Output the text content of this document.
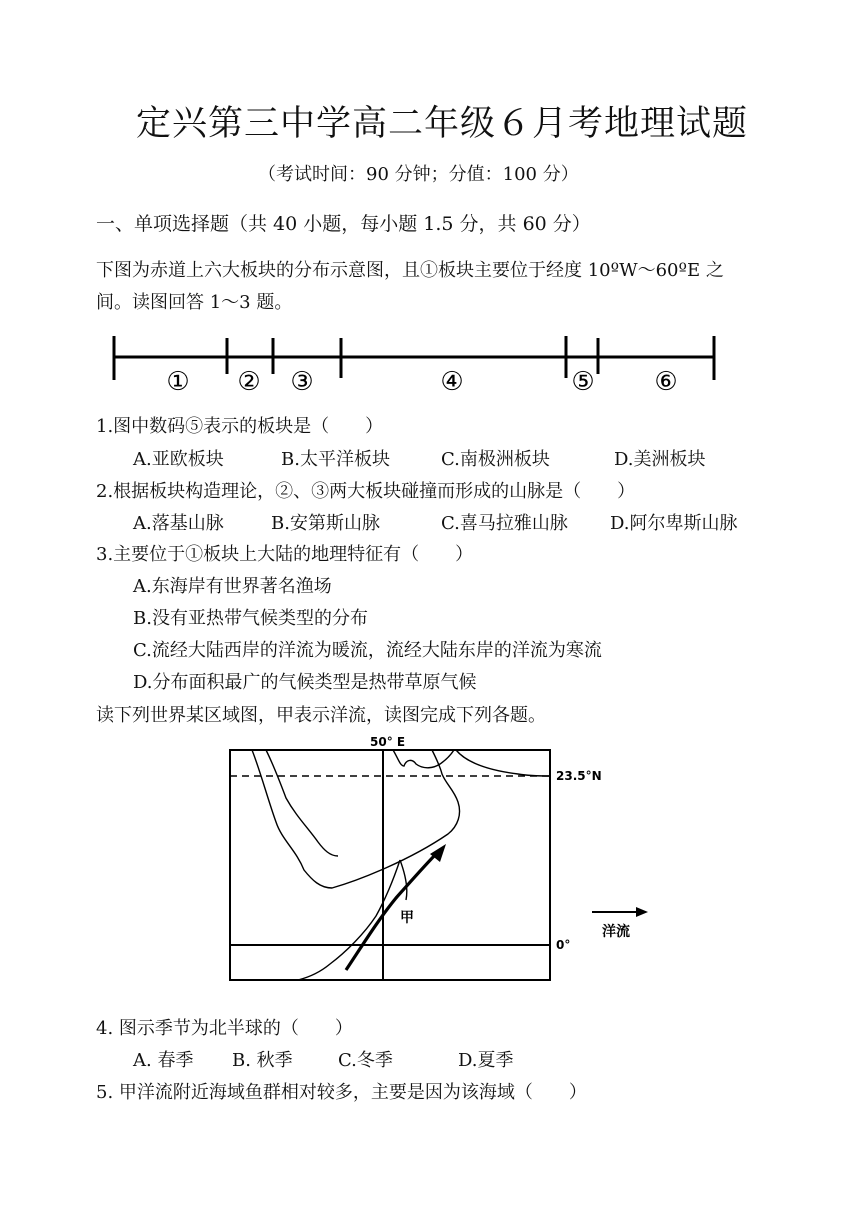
定兴第三中学高二年级６月考地理试题
（考试时间：90 分钟；分值：100 分）
一、单项选择题（共 40 小题，每小题 1.5 分，共 60 分）
下图为赤道上六大板块的分布示意图，且①板块主要位于经度 10ºW～60ºE 之
间。读图回答 1～3 题。
① ② ③	④	⑤ ⑥
1.图中数码⑤表示的板块是（　　）
A.亚欧板块	B.太平洋板块	C.南极洲板块	D.美洲板块
2.根据板块构造理论，②、③两大板块碰撞而形成的山脉是（　　）
A.落基山脉	B.安第斯山脉	C.喜马拉雅山脉 D.阿尔卑斯山脉
3.主要位于①板块上大陆的地理特征有（　　）
A.东海岸有世界著名渔场
B.没有亚热带气候类型的分布
C.流经大陆西岸的洋流为暖流，流经大陆东岸的洋流为寒流
D.分布面积最广的气候类型是热带草原气候
读下列世界某区域图，甲表示洋流，读图完成下列各题。
50° E
23.5°N
0°
甲
洋流
4. 图示季节为北半球的（　　）
A. 春季 B. 秋季	C.冬季	D.夏季
5. 甲洋流附近海域鱼群相对较多，主要是因为该海域（　　）
